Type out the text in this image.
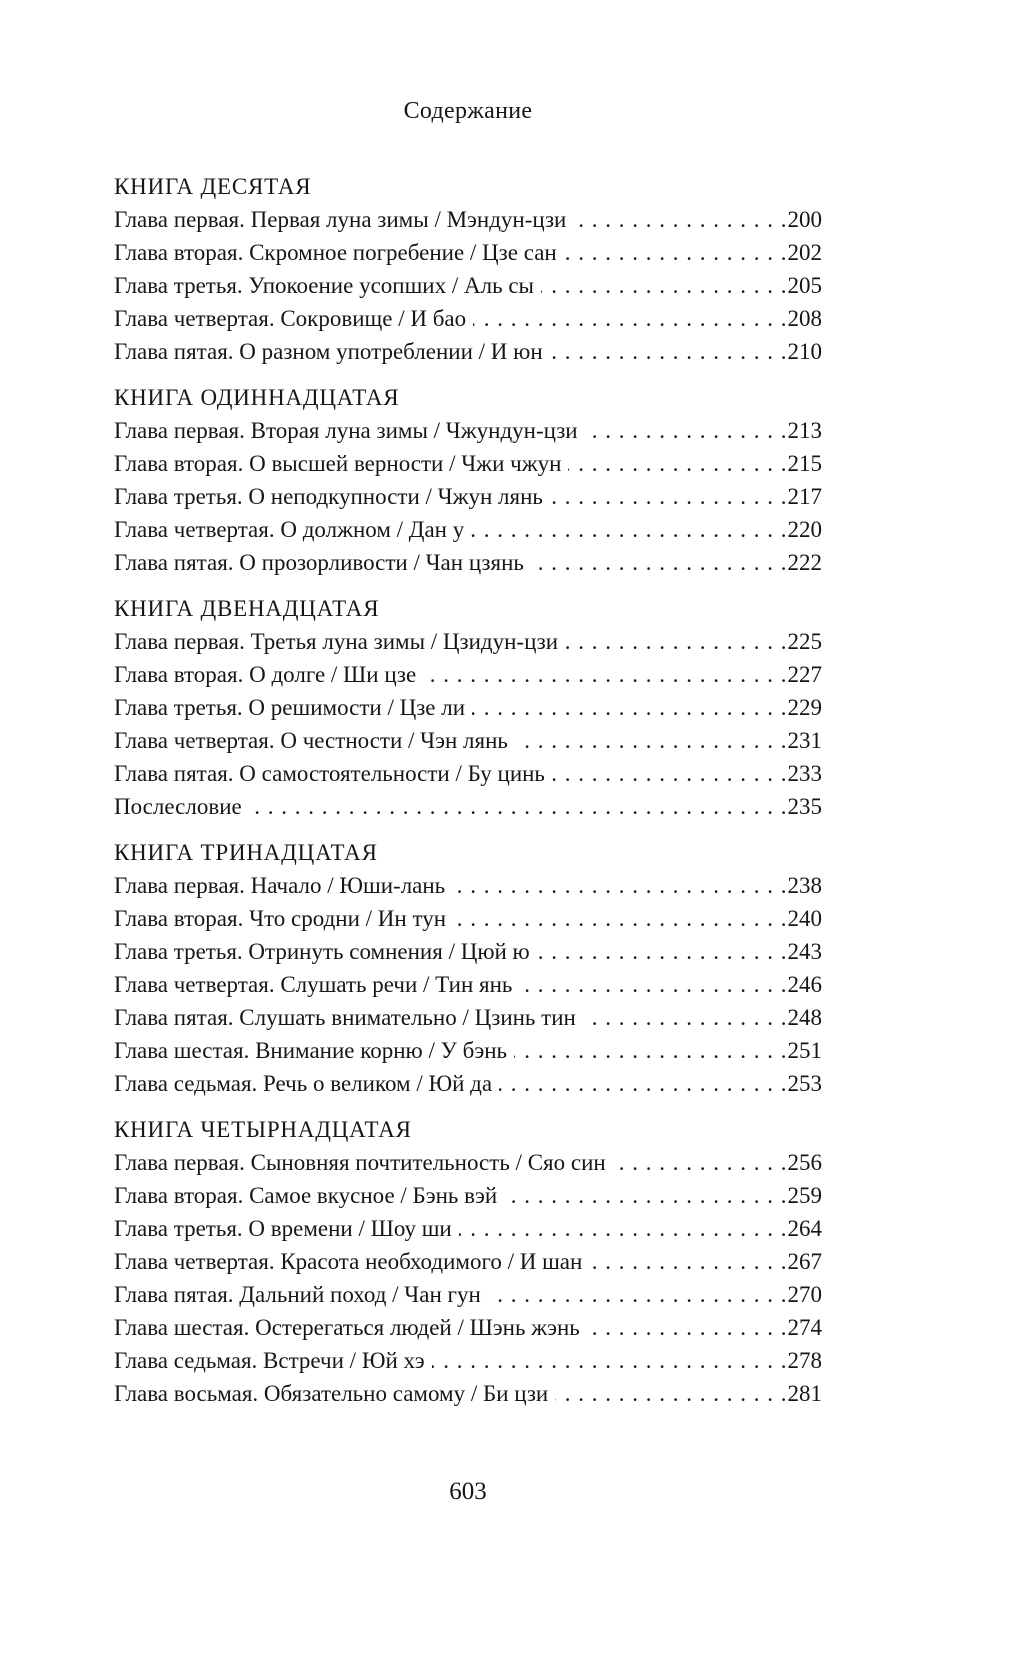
Содержание
КНИГА ДЕСЯТАЯ
Глава первая. Первая луна зимы / Мэндун-цзи . . .	200
Глава вторая. Скромное погребение / Цзе сан . . .	202
Глава третья. Упокоение усопших / Аль сы . . .	205
Глава четвертая. Сокровище / И бао . . .	208
Глава пятая. О разном употреблении / И юн . . .	210
КНИГА ОДИННАДЦАТАЯ
Глава первая. Вторая луна зимы / Чжундун-цзи . . .	213
Глава вторая. О высшей верности / Чжи чжун . . .	215
Глава третья. О неподкупности / Чжун лянь . . .	217
Глава четвертая. О должном / Дан у . . .	220
Глава пятая. О прозорливости / Чан цзянь . . .	222
КНИГА ДВЕНАДЦАТАЯ
Глава первая. Третья луна зимы / Цзидун-цзи . . .	225
Глава вторая. О долге / Ши цзе . . .	227
Глава третья. О решимости / Цзе ли . . .	229
Глава четвертая. О честности / Чэн лянь . . .	231
Глава пятая. О самостоятельности / Бу цинь . . .	233
Послесловие . . .	235
КНИГА ТРИНАДЦАТАЯ
Глава первая. Начало / Юши-лань . . .	238
Глава вторая. Что сродни / Ин тун . . .	240
Глава третья. Отринуть сомнения / Цюй ю . . .	243
Глава четвертая. Слушать речи / Тин янь . . .	246
Глава пятая. Слушать внимательно / Цзинь тин . . .	248
Глава шестая. Внимание корню / У бэнь . . .	251
Глава седьмая. Речь о великом / Юй да . . .	253
КНИГА ЧЕТЫРНАДЦАТАЯ
Глава первая. Сыновняя почтительность / Сяо син . . .	256
Глава вторая. Самое вкусное / Бэнь вэй . . .	259
Глава третья. О времени / Шоу ши . . .	264
Глава четвертая. Красота необходимого / И шан . . .	267
Глава пятая. Дальний поход / Чан гун . . .	270
Глава шестая. Остерегаться людей / Шэнь жэнь . . .	274
Глава седьмая. Встречи / Юй хэ . . .	278
Глава восьмая. Обязательно самому / Би цзи . . .	281
603
